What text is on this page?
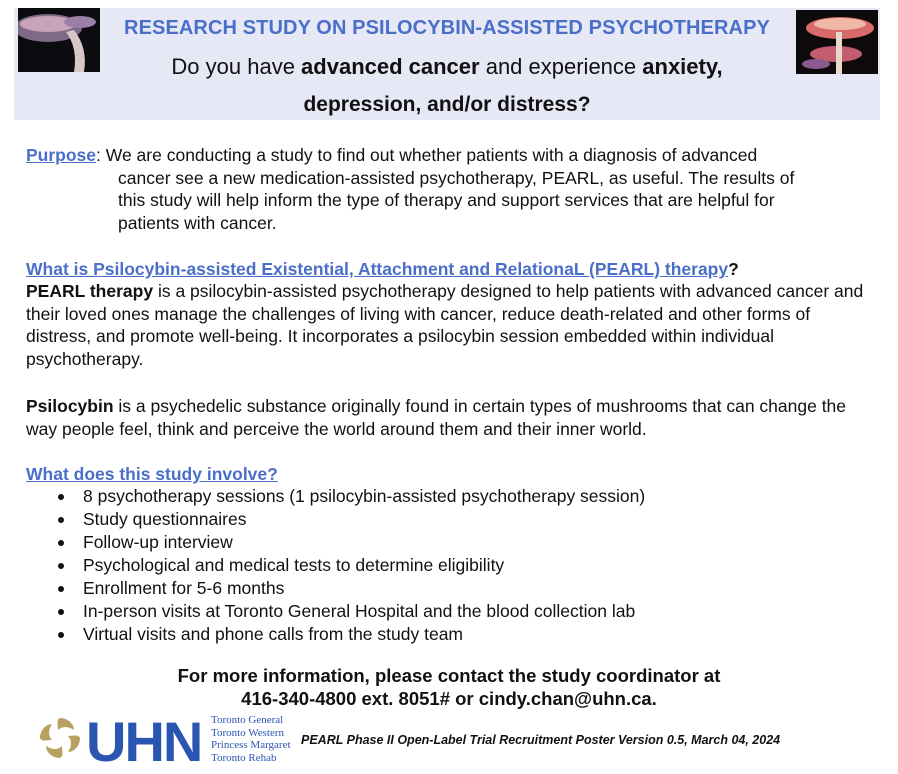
RESEARCH STUDY ON PSILOCYBIN-ASSISTED PSYCHOTHERAPY
Do you have advanced cancer and experience anxiety,
depression, and/or distress?
Purpose: We are conducting a study to find out whether patients with a diagnosis of advanced
cancer see a new medication-assisted psychotherapy, PEARL, as useful. The results of
this study will help inform the type of therapy and support services that are helpful for
patients with cancer.
What is Psilocybin-assisted Existential, Attachment and RelationaL (PEARL) therapy?
PEARL therapy is a psilocybin-assisted psychotherapy designed to help patients with advanced cancer and their loved ones manage the challenges of living with cancer, reduce death-related and other forms of distress, and promote well-being. It incorporates a psilocybin session embedded within individual psychotherapy.
Psilocybin is a psychedelic substance originally found in certain types of mushrooms that can change the way people feel, think and perceive the world around them and their inner world.
What does this study involve?
8 psychotherapy sessions (1 psilocybin-assisted psychotherapy session)
Study questionnaires
Follow-up interview
Psychological and medical tests to determine eligibility
Enrollment for 5-6 months
In-person visits at Toronto General Hospital and the blood collection lab
Virtual visits and phone calls from the study team
For more information, please contact the study coordinator at
416-340-4800 ext. 8051# or cindy.chan@uhn.ca.
UHN Toronto General
Toronto Western
Princess Margaret
Toronto Rehab
PEARL Phase II Open-Label Trial Recruitment Poster Version 0.5, March 04, 2024
